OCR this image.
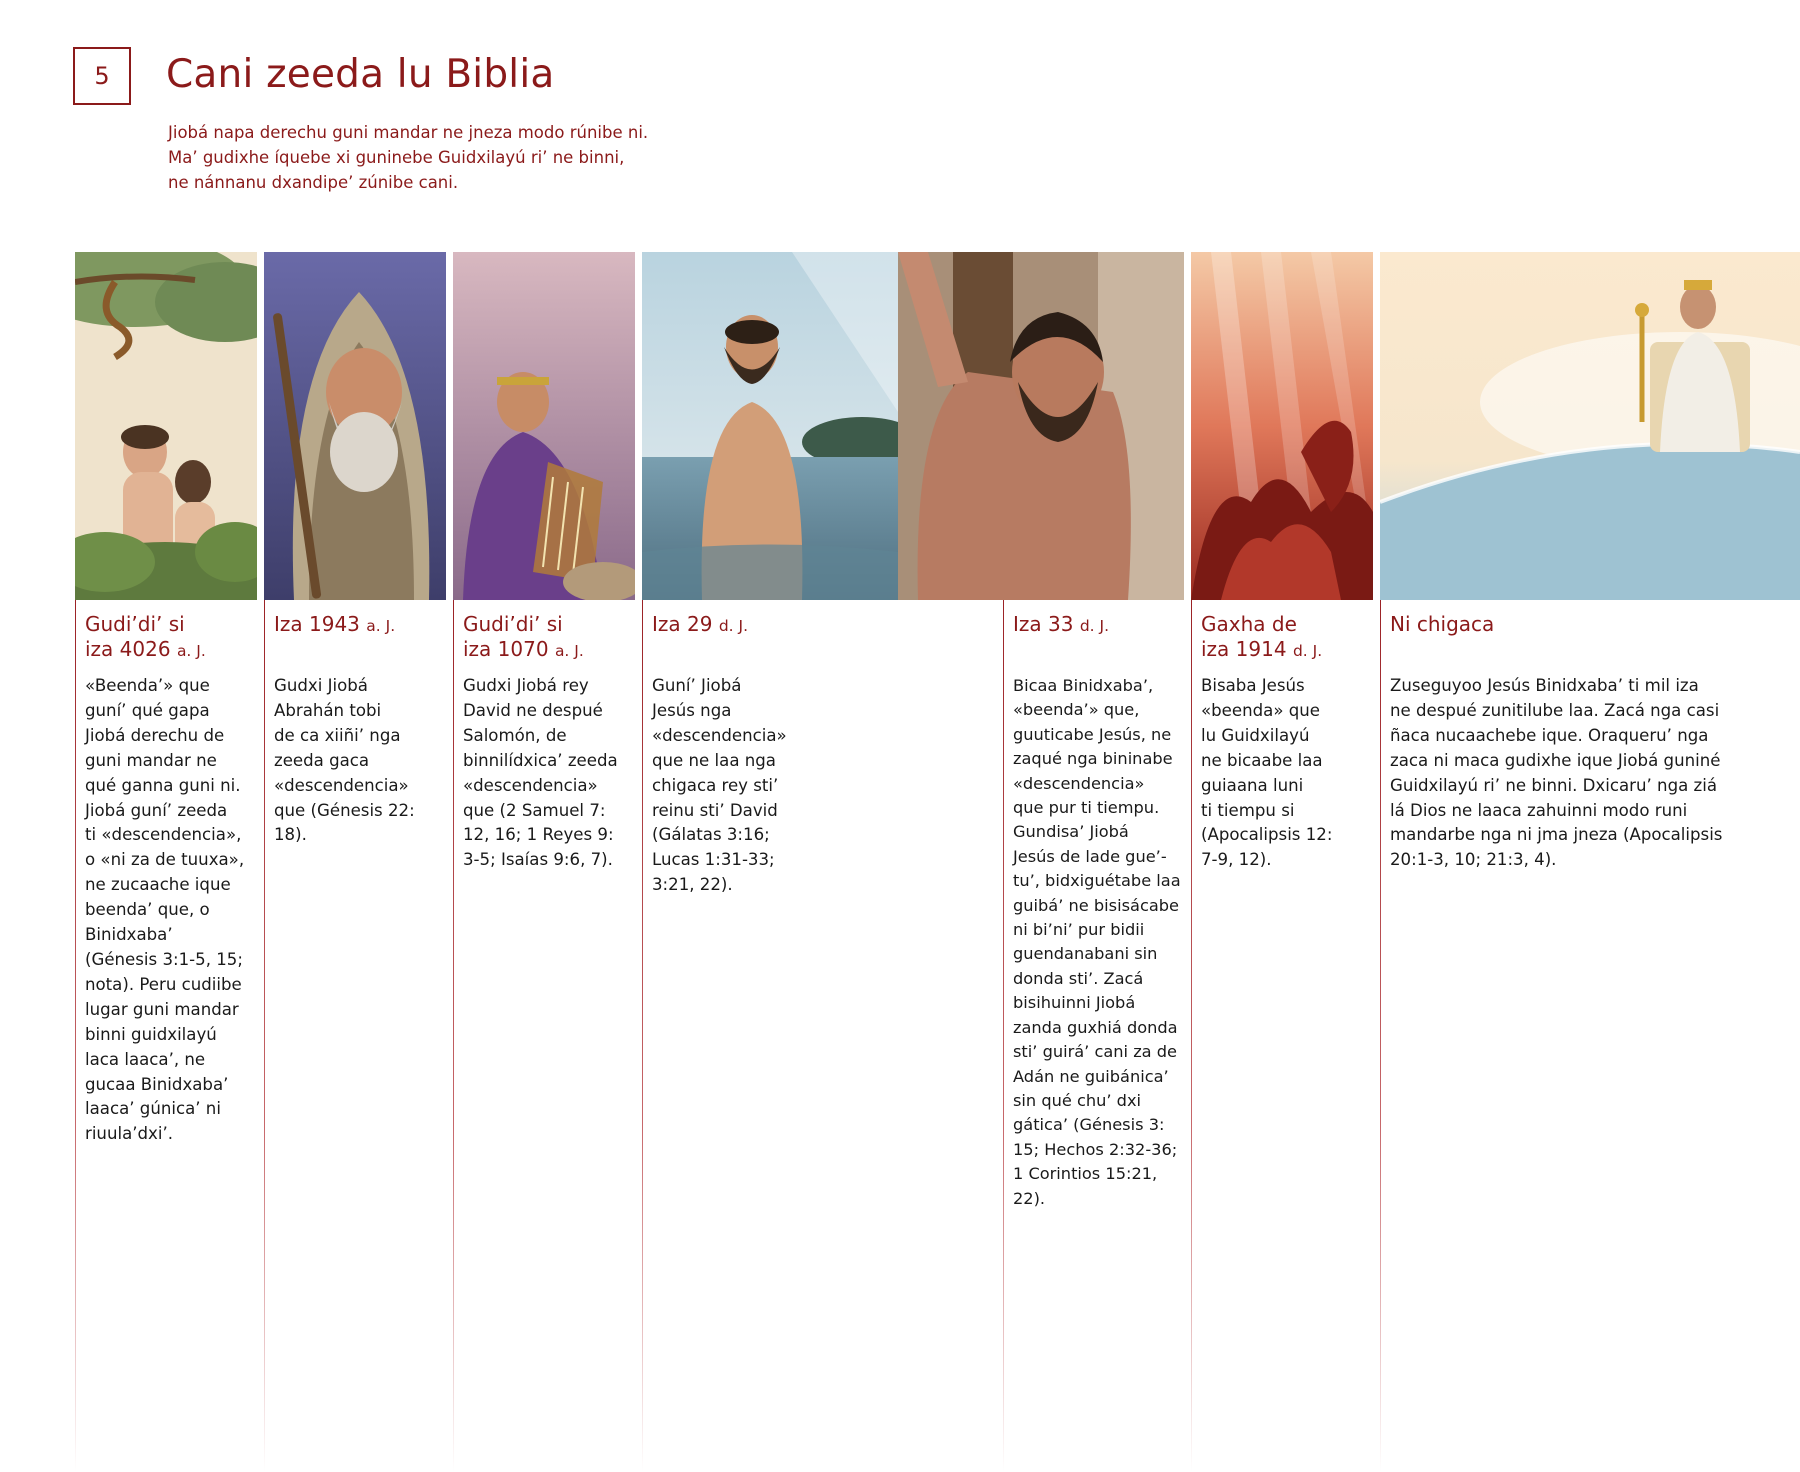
5 Cani zeeda lu Biblia

Jiobá napa derechu guni mandar ne jneza modo rúnibe ni.

Ma’ gudixhe íquebe xi guninebe Guidxilayú ri’ ne binni,

ne nánnanu dxandipe’ zúnibe cani.

Gudi’di’ si
iza 4026 a. J.
«Beenda’» que
guní’ qué gapa
Jiobá derechu de
guni mandar ne
qué ganna guni ni.
Jiobá guní’ zeeda
ti «descendencia»,
o «ni za de tuuxa»,
ne zucaache ique
beenda’ que, o
Binidxaba’
(Génesis 3:1-5, 15;
nota). Peru cudiibe
lugar guni mandar
binni guidxilayú
laca laaca’, ne
gucaa Binidxaba’
laaca’ gúnica’ ni
riuula’dxi’.
Iza 1943 a. J.
Gudxi Jiobá
Abrahán tobi
de ca xiiñi’ nga
zeeda gaca
«descendencia»
que (Génesis 22:
18).
Gudi’di’ si
iza 1070 a. J.
Gudxi Jiobá rey
David ne despué
Salomón, de
binnilídxica’ zeeda
«descendencia»
que (2 Samuel 7:
12, 16; 1 Reyes 9:
3-5; Isaías 9:6, 7).
Iza 29 d. J.
Guní’ Jiobá
Jesús nga
«descendencia»
que ne laa nga
chigaca rey sti’
reinu sti’ David
(Gálatas 3:16;
Lucas 1:31-33;
3:21, 22).
Iza 33 d. J.
Bicaa Binidxaba’,
«beenda’» que,
guuticabe Jesús, ne
zaqué nga bininabe
«descendencia»
que pur ti tiempu.
Gundisa’ Jiobá
Jesús de lade gue’-
tu’, bidxiguétabe laa
guibá’ ne bisisácabe
ni bi’ni’ pur bidii
guendanabani sin
donda sti’. Zacá
bisihuinni Jiobá
zanda guxhiá donda
sti’ guirá’ cani za de
Adán ne guibánica’
sin qué chu’ dxi
gática’ (Génesis 3:
15; Hechos 2:32-36;
1 Corintios 15:21,
22).
Gaxha de
iza 1914 d. J.
Bisaba Jesús
«beenda» que
lu Guidxilayú
ne bicaabe laa
guiaana luni
ti tiempu si
(Apocalipsis 12:
7-9, 12).
Ni chigaca
Zuseguyoo Jesús Binidxaba’ ti mil iza
ne despué zunitilube laa. Zacá nga casi
ñaca nucaachebe ique. Oraqueru’ nga
zaca ni maca gudixhe ique Jiobá guniné
Guidxilayú ri’ ne binni. Dxicaru’ nga ziá
lá Dios ne laaca zahuinni modo runi
mandarbe nga ni jma jneza (Apocalipsis
20:1-3, 10; 21:3, 4).
